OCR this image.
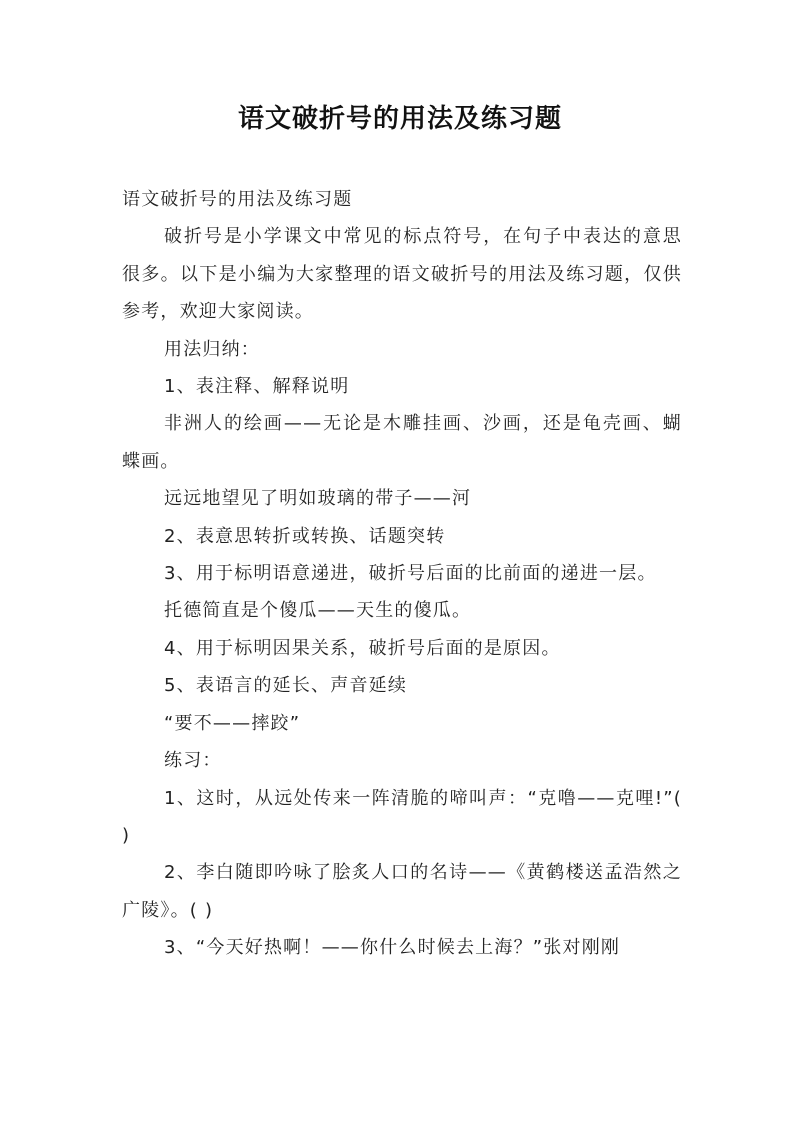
语文破折号的用法及练习题

语文破折号的用法及练习题

破折号是小学课文中常见的标点符号，在句子中表达的意思很多。以下是小编为大家整理的语文破折号的用法及练习题，仅供参考，欢迎大家阅读。

用法归纳：

1、表注释、解释说明

非洲人的绘画——无论是木雕挂画、沙画，还是龟壳画、蝴蝶画。

远远地望见了明如玻璃的带子——河

2、表意思转折或转换、话题突转

3、用于标明语意递进，破折号后面的比前面的递进一层。

托德简直是个傻瓜——天生的傻瓜。

4、用于标明因果关系，破折号后面的是原因。

5、表语言的延长、声音延续

“要不——摔跤”

练习：

1、这时，从远处传来一阵清脆的啼叫声：“克噜——克哩!”( )

2、李白随即吟咏了脍炙人口的名诗——《黄鹤楼送孟浩然之广陵》。( )

3、“今天好热啊！——你什么时候去上海？”张对刚刚
